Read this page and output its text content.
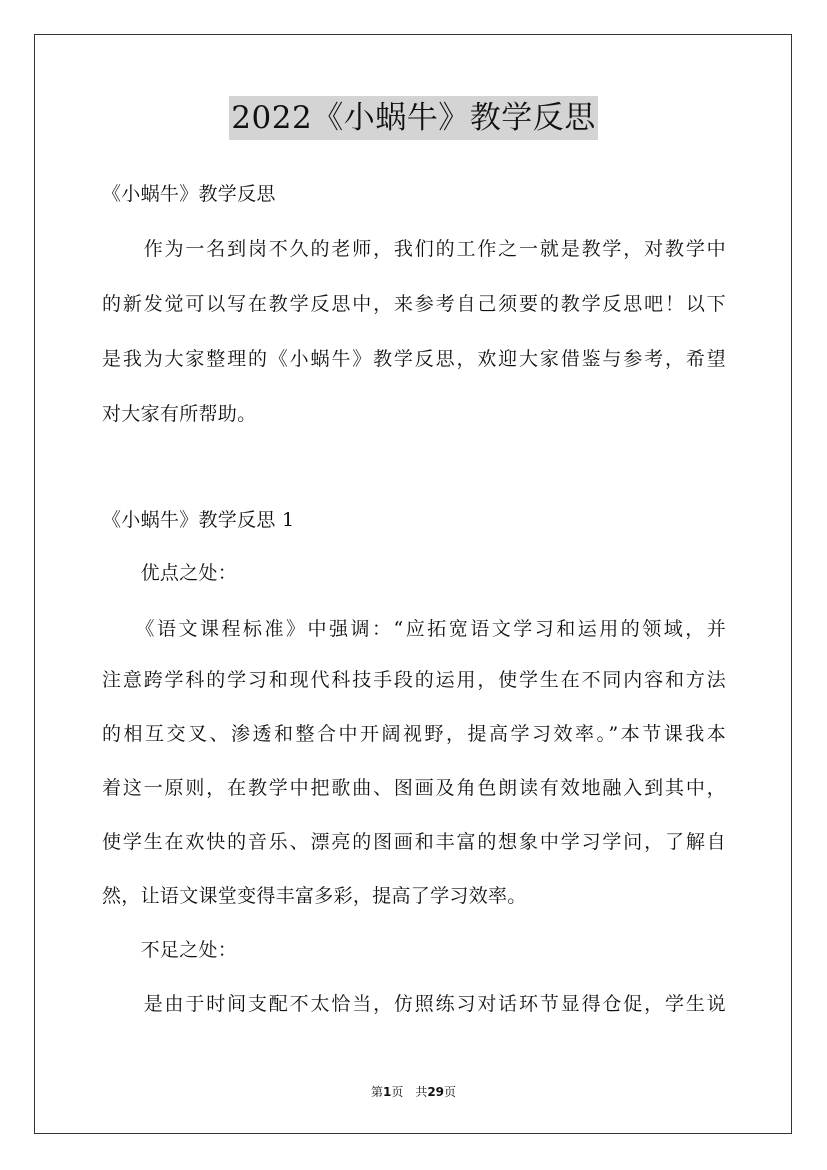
2022《小蜗牛》教学反思
《小蜗牛》教学反思
　　作为一名到岗不久的老师，我们的工作之一就是教学，对教学中
的新发觉可以写在教学反思中，来参考自己须要的教学反思吧！以下
是我为大家整理的《小蜗牛》教学反思，欢迎大家借鉴与参考，希望
对大家有所帮助。
《小蜗牛》教学反思 1
　　优点之处：
　　《语文课程标准》中强调：“应拓宽语文学习和运用的领域，并
注意跨学科的学习和现代科技手段的运用，使学生在不同内容和方法
的相互交叉、渗透和整合中开阔视野，提高学习效率。”本节课我本
着这一原则，在教学中把歌曲、图画及角色朗读有效地融入到其中，
使学生在欢快的音乐、漂亮的图画和丰富的想象中学习学问，了解自
然，让语文课堂变得丰富多彩，提高了学习效率。
　　不足之处：
　　是由于时间支配不太恰当，仿照练习对话环节显得仓促，学生说
第1页　共29页
